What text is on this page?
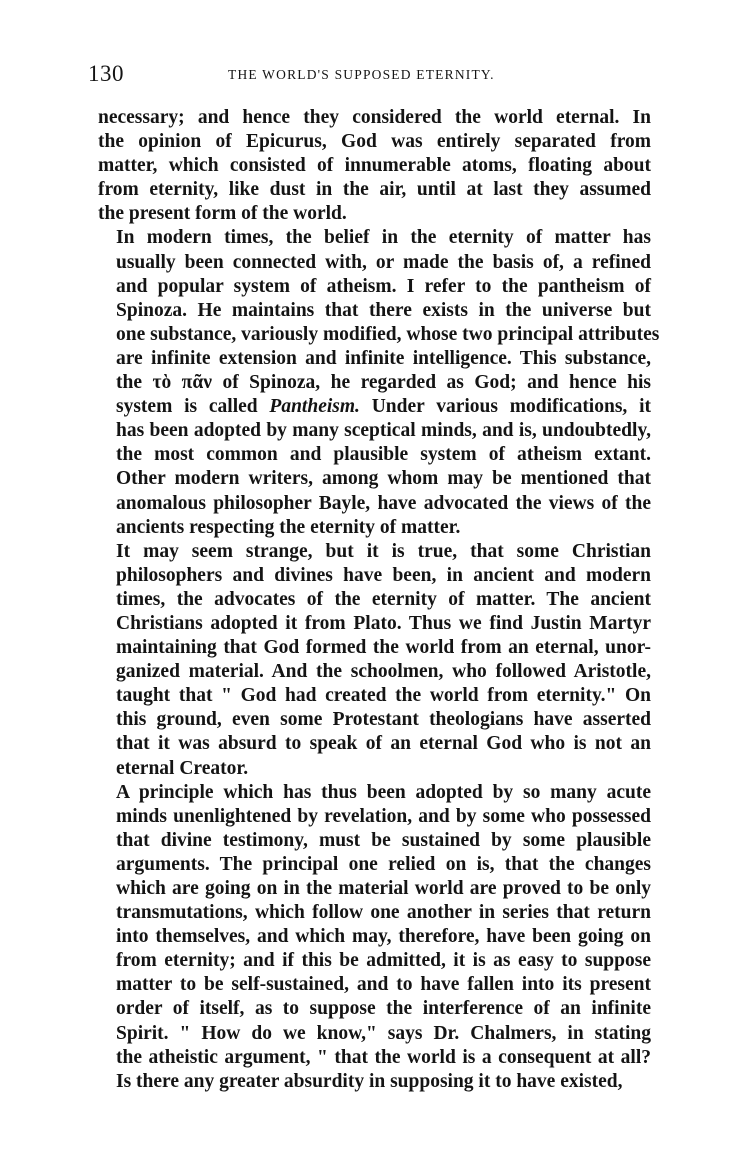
130	THE WORLD'S SUPPOSED ETERNITY.

necessary; and hence they considered the world eternal. In
the opinion of Epicurus, God was entirely separated from
matter, which consisted of innumerable atoms, floating about
from eternity, like dust in the air, until at last they assumed
the present form of the world.

In modern times, the belief in the eternity of matter has
usually been connected with, or made the basis of, a refined
and popular system of atheism. I refer to the pantheism of
Spinoza. He maintains that there exists in the universe but
one substance, variously modified, whose two principal attributes
are infinite extension and infinite intelligence. This substance,
the τὸ πᾶν of Spinoza, he regarded as God; and hence his
system is called Pantheism. Under various modifications, it
has been adopted by many sceptical minds, and is, undoubtedly,
the most common and plausible system of atheism extant.
Other modern writers, among whom may be mentioned that
anomalous philosopher Bayle, have advocated the views of the
ancients respecting the eternity of matter.

It may seem strange, but it is true, that some Christian
philosophers and divines have been, in ancient and modern
times, the advocates of the eternity of matter. The ancient
Christians adopted it from Plato. Thus we find Justin Martyr
maintaining that God formed the world from an eternal, unor-
ganized material. And the schoolmen, who followed Aristotle,
taught that " God had created the world from eternity." On
this ground, even some Protestant theologians have asserted
that it was absurd to speak of an eternal God who is not an
eternal Creator.

A principle which has thus been adopted by so many acute
minds unenlightened by revelation, and by some who possessed
that divine testimony, must be sustained by some plausible
arguments. The principal one relied on is, that the changes
which are going on in the material world are proved to be only
transmutations, which follow one another in series that return
into themselves, and which may, therefore, have been going on
from eternity; and if this be admitted, it is as easy to suppose
matter to be self-sustained, and to have fallen into its present
order of itself, as to suppose the interference of an infinite
Spirit. " How do we know," says Dr. Chalmers, in stating
the atheistic argument, " that the world is a consequent at all?
Is there any greater absurdity in supposing it to have existed,
